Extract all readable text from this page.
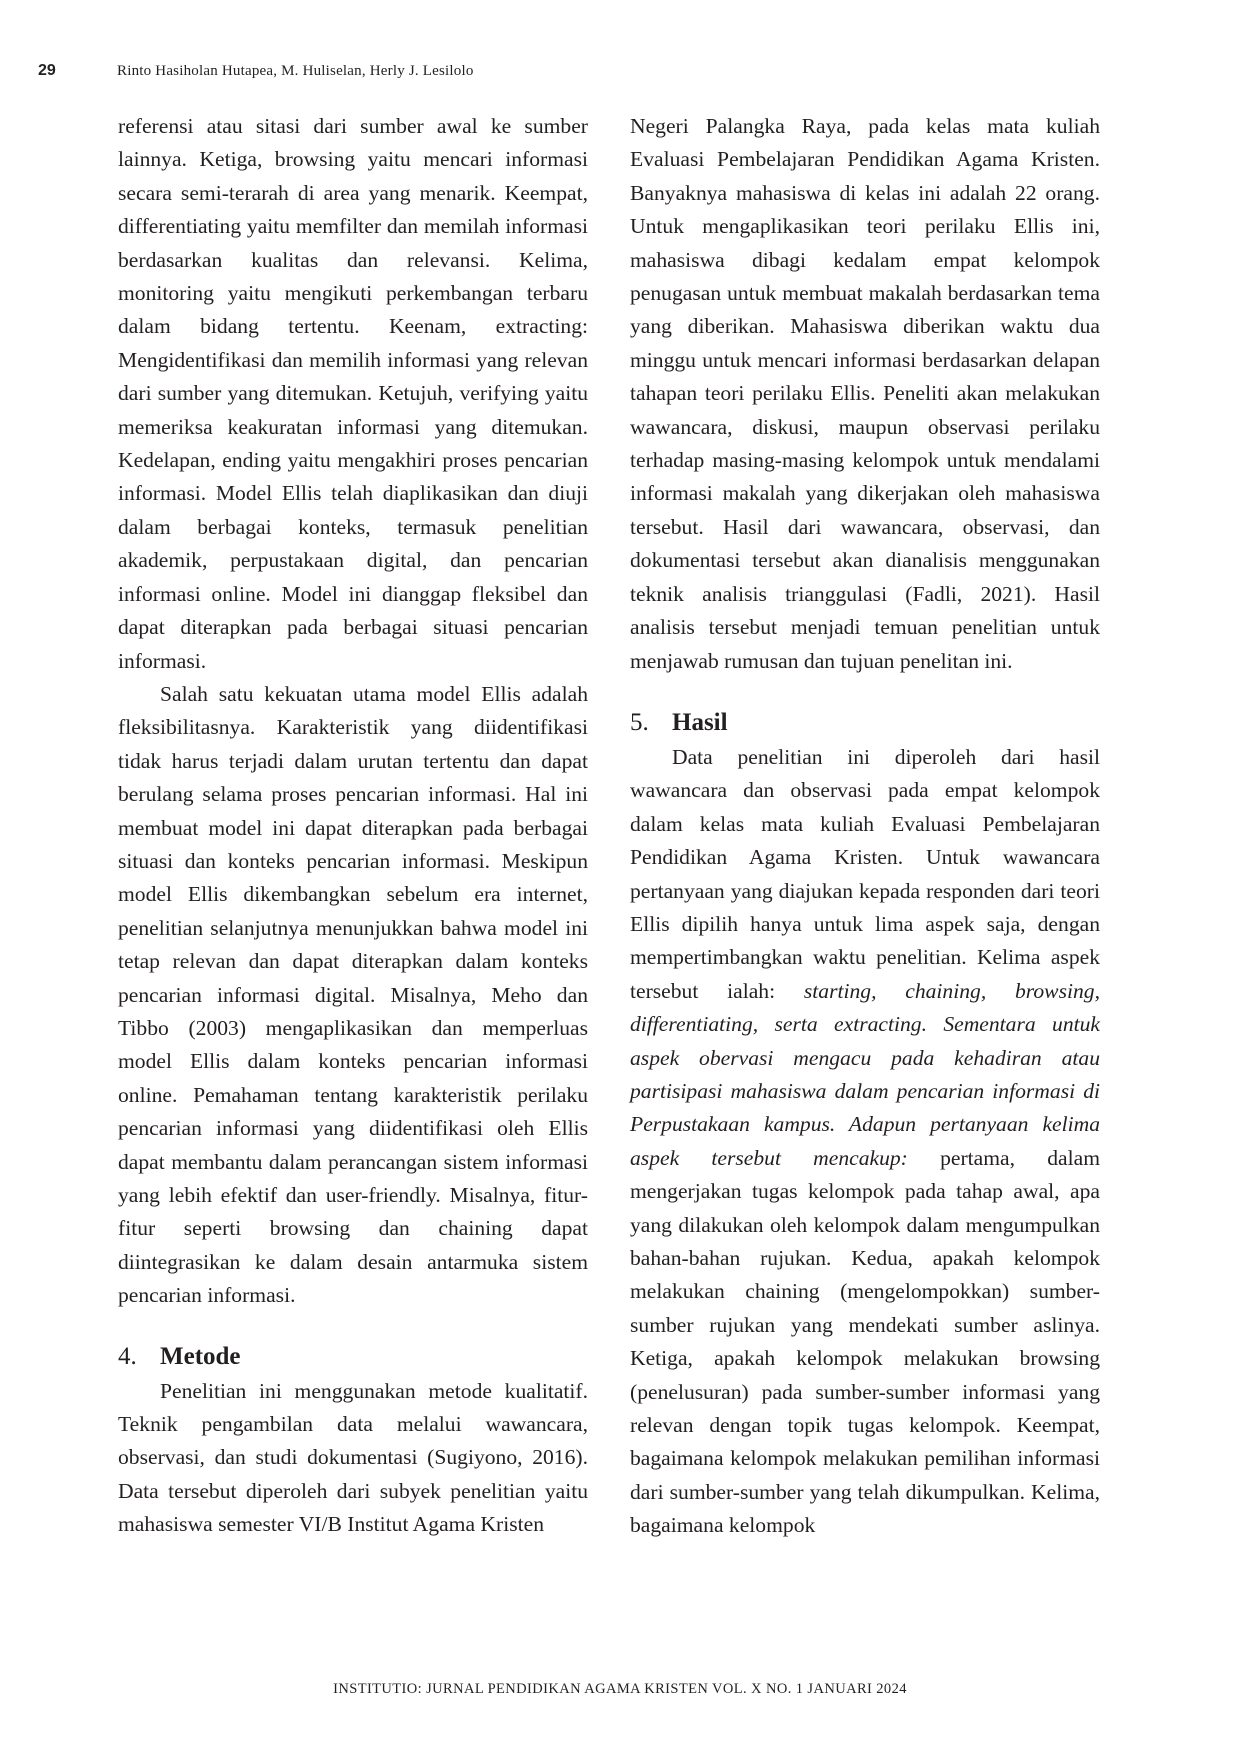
29	Rinto Hasiholan Hutapea, M. Huliselan, Herly J. Lesilolo

referensi atau sitasi dari sumber awal ke sumber lainnya. Ketiga, browsing yaitu mencari informasi secara semi-terarah di area yang menarik. Keempat, differentiating yaitu memfilter dan memilah informasi berdasarkan kualitas dan relevansi. Kelima, monitoring yaitu mengikuti perkembangan terbaru dalam bidang tertentu. Keenam, extracting: Mengidentifikasi dan memilih informasi yang relevan dari sumber yang ditemukan. Ketujuh, verifying yaitu memeriksa keakuratan informasi yang ditemukan. Kedelapan, ending yaitu mengakhiri proses pencarian informasi. Model Ellis telah diaplikasikan dan diuji dalam berbagai konteks, termasuk penelitian akademik, perpustakaan digital, dan pencarian informasi online. Model ini dianggap fleksibel dan dapat diterapkan pada berbagai situasi pencarian informasi.

Salah satu kekuatan utama model Ellis adalah fleksibilitasnya. Karakteristik yang diidentifikasi tidak harus terjadi dalam urutan tertentu dan dapat berulang selama proses pencarian informasi. Hal ini membuat model ini dapat diterapkan pada berbagai situasi dan konteks pencarian informasi. Meskipun model Ellis dikembangkan sebelum era internet, penelitian selanjutnya menunjukkan bahwa model ini tetap relevan dan dapat diterapkan dalam konteks pencarian informasi digital. Misalnya, Meho dan Tibbo (2003) mengaplikasikan dan memperluas model Ellis dalam konteks pencarian informasi online. Pemahaman tentang karakteristik perilaku pencarian informasi yang diidentifikasi oleh Ellis dapat membantu dalam perancangan sistem informasi yang lebih efektif dan user-friendly. Misalnya, fitur-fitur seperti browsing dan chaining dapat diintegrasikan ke dalam desain antarmuka sistem pencarian informasi.

4. Metode

Penelitian ini menggunakan metode kualitatif. Teknik pengambilan data melalui wawancara, observasi, dan studi dokumentasi (Sugiyono, 2016). Data tersebut diperoleh dari subyek penelitian yaitu mahasiswa semester VI/B Institut Agama Kristen

Negeri Palangka Raya, pada kelas mata kuliah Evaluasi Pembelajaran Pendidikan Agama Kristen. Banyaknya mahasiswa di kelas ini adalah 22 orang. Untuk mengaplikasikan teori perilaku Ellis ini, mahasiswa dibagi kedalam empat kelompok penugasan untuk membuat makalah berdasarkan tema yang diberikan. Mahasiswa diberikan waktu dua minggu untuk mencari informasi berdasarkan delapan tahapan teori perilaku Ellis. Peneliti akan melakukan wawancara, diskusi, maupun observasi perilaku terhadap masing-masing kelompok untuk mendalami informasi makalah yang dikerjakan oleh mahasiswa tersebut. Hasil dari wawancara, observasi, dan dokumentasi tersebut akan dianalisis menggunakan teknik analisis trianggulasi (Fadli, 2021). Hasil analisis tersebut menjadi temuan penelitian untuk menjawab rumusan dan tujuan penelitan ini.

5. Hasil

Data penelitian ini diperoleh dari hasil wawancara dan observasi pada empat kelompok dalam kelas mata kuliah Evaluasi Pembelajaran Pendidikan Agama Kristen. Untuk wawancara pertanyaan yang diajukan kepada responden dari teori Ellis dipilih hanya untuk lima aspek saja, dengan mempertimbangkan waktu penelitian. Kelima aspek tersebut ialah: starting, chaining, browsing, differentiating, serta extracting. Sementara untuk aspek obervasi mengacu pada kehadiran atau partisipasi mahasiswa dalam pencarian informasi di Perpustakaan kampus. Adapun pertanyaan kelima aspek tersebut mencakup: pertama, dalam mengerjakan tugas kelompok pada tahap awal, apa yang dilakukan oleh kelompok dalam mengumpulkan bahan-bahan rujukan. Kedua, apakah kelompok melakukan chaining (mengelompokkan) sumber-sumber rujukan yang mendekati sumber aslinya. Ketiga, apakah kelompok melakukan browsing (penelusuran) pada sumber-sumber informasi yang relevan dengan topik tugas kelompok. Keempat, bagaimana kelompok melakukan pemilihan informasi dari sumber-sumber yang telah dikumpulkan. Kelima, bagaimana kelompok

INSTITUTIO: JURNAL PENDIDIKAN AGAMA KRISTEN VOL. X NO. 1 JANUARI 2024
